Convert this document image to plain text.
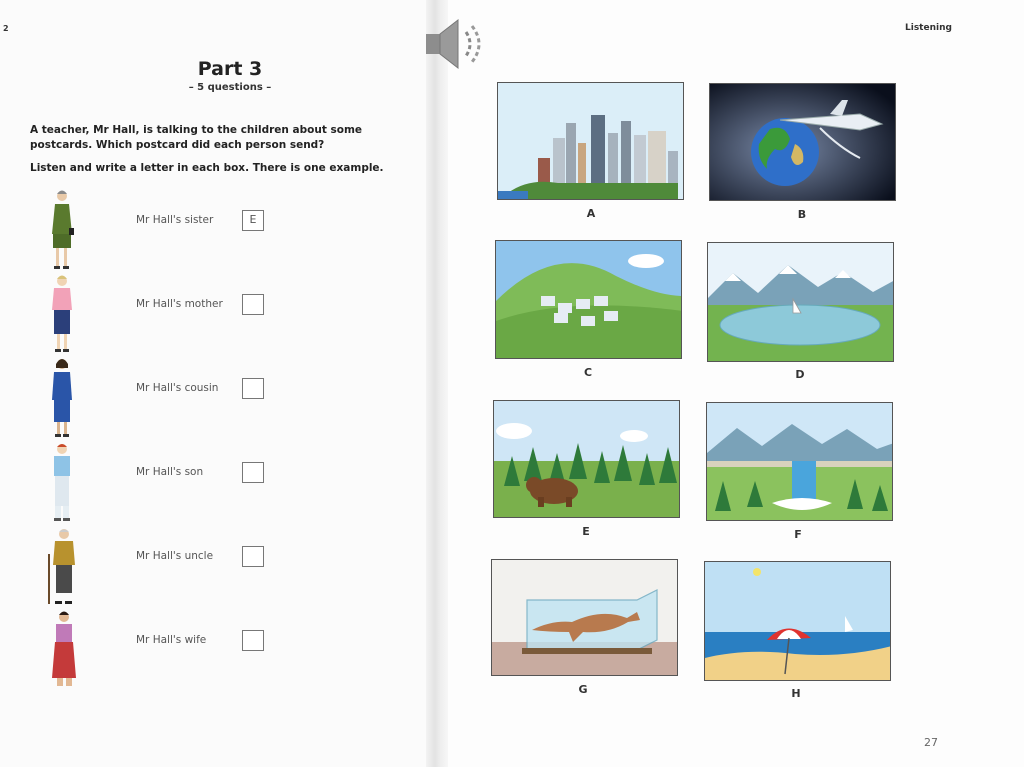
2	Listening
27
Part 3
– 5 questions –
A teacher, Mr Hall, is talking to the children about some postcards. Which postcard did each person send?
Listen and write a letter in each box. There is one example.
Mr Hall's sister	E
Mr Hall's mother
Mr Hall's cousin
Mr Hall's son
Mr Hall's uncle
Mr Hall's wife
A	B
C	D
E	F
G	H
